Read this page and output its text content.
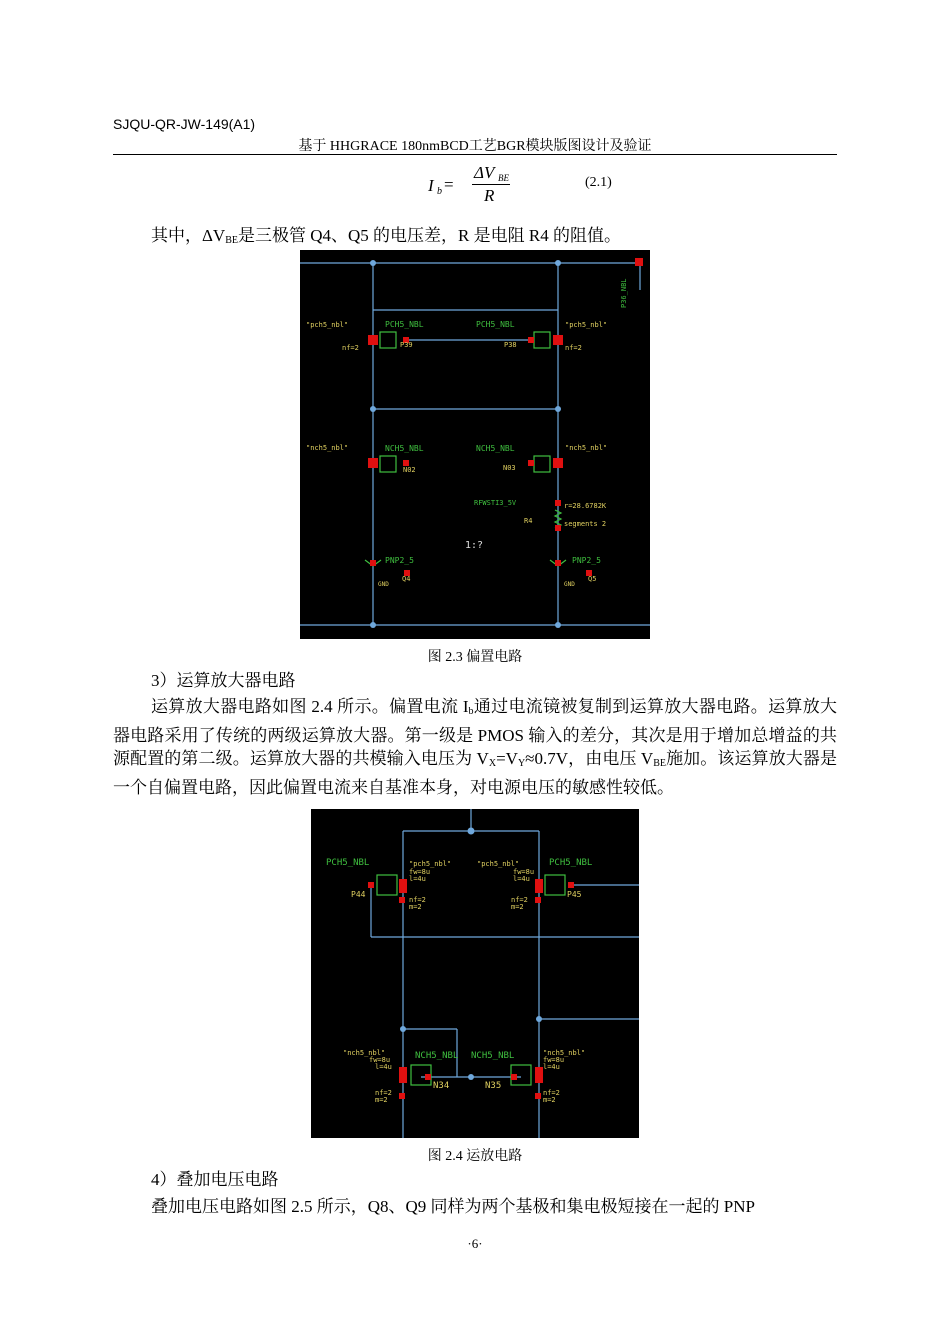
SJQU-QR-JW-149(A1)
基于 HHGRACE 180nmBCD工艺BGR模块版图设计及验证
I b =
ΔV BE
R
(2.1)
其中，$\Delta V_{BE}$是三极管 Q4、Q5 的电压差，R 是电阻 R4 的阻值。
PCH5_NBL	PCH5_NBL
"pch5_nbl"	"pch5_nbl"
P39	P38
nf=2	nf=2
NCH5_NBL	NCH5_NBL
"nch5_nbl"	"nch5_nbl"
N02	N03
RFWSTI3_5V
R4
r=28.6782K
segments 2
1:?
PNP2_5	PNP2_5
Q4	Q5
GND	GND
P36_NBL
图 2.3 偏置电路
3）运算放大器电路
运算放大器电路如图 2.4 所示。偏置电流 $I_b$通过电流镜被复制到运算放大器电路。运算放大器电路采用了传统的两级运算放大器。第一级是 PMOS 输入的差分，其次是用于增加总增益的共源配置的第二级。运算放大器的共模输入电压为 $V_X=V_Y\approx 0.7V$，由电压 $V_{BE}$施加。该运算放大器是一个自偏置电路，因此偏置电流来自基准本身，对电源电压的敏感性较低。
PCH5_NBL	PCH5_NBL
"pch5_nbl"	"pch5_nbl"
fw=8u	fw=8u
l=4u	l=4u
P44	P45
nf=2	nf=2
m=2	m=2
NCH5_NBL NCH5_NBL
"nch5_nbl"	"nch5_nbl"
fw=8u	fw=8u
l=4u	l=4u
N34	N35
nf=2	nf=2
m=2	m=2
图 2.4 运放电路
4）叠加电压电路
叠加电压电路如图 2.5 所示，Q8、Q9 同样为两个基极和集电极短接在一起的 PNP
·6·
